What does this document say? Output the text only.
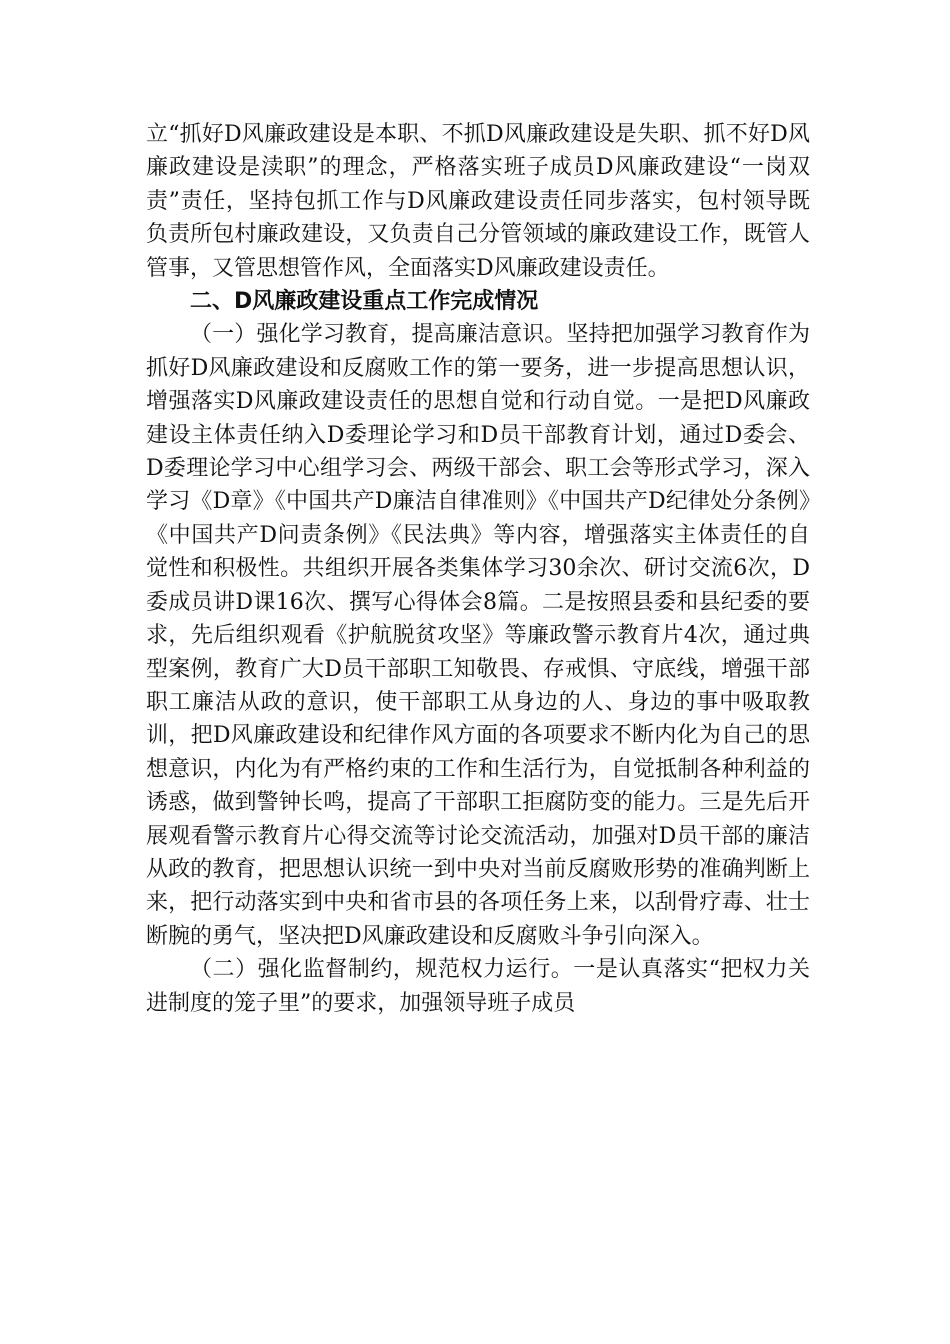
立“抓好D风廉政建设是本职、不抓D风廉政建设是失职、抓不好D风廉政建设是渎职”的理念，严格落实班子成员D风廉政建设“一岗双责”责任，坚持包抓工作与D风廉政建设责任同步落实，包村领导既负责所包村廉政建设，又负责自己分管领域的廉政建设工作，既管人管事，又管思想管作风，全面落实D风廉政建设责任。

二、D风廉政建设重点工作完成情况

（一）强化学习教育，提高廉洁意识。坚持把加强学习教育作为抓好D风廉政建设和反腐败工作的第一要务，进一步提高思想认识，增强落实D风廉政建设责任的思想自觉和行动自觉。一是把D风廉政建设主体责任纳入D委理论学习和D员干部教育计划，通过D委会、D委理论学习中心组学习会、两级干部会、职工会等形式学习，深入学习《D章》《中国共产D廉洁自律准则》《中国共产D纪律处分条例》《中国共产D问责条例》《民法典》等内容，增强落实主体责任的自觉性和积极性。共组织开展各类集体学习30余次、研讨交流6次，D委成员讲D课16次、撰写心得体会8篇。二是按照县委和县纪委的要求，先后组织观看《护航脱贫攻坚》等廉政警示教育片4次，通过典型案例，教育广大D员干部职工知敬畏、存戒惧、守底线，增强干部职工廉洁从政的意识，使干部职工从身边的人、身边的事中吸取教训，把D风廉政建设和纪律作风方面的各项要求不断内化为自己的思想意识，内化为有严格约束的工作和生活行为，自觉抵制各种利益的诱惑，做到警钟长鸣，提高了干部职工拒腐防变的能力。三是先后开展观看警示教育片心得交流等讨论交流活动，加强对D员干部的廉洁从政的教育，把思想认识统一到中央对当前反腐败形势的准确判断上来，把行动落实到中央和省市县的各项任务上来，以刮骨疗毒、壮士断腕的勇气，坚决把D风廉政建设和反腐败斗争引向深入。

（二）强化监督制约，规范权力运行。一是认真落实“把权力关进制度的笼子里”的要求，加强领导班子成员
